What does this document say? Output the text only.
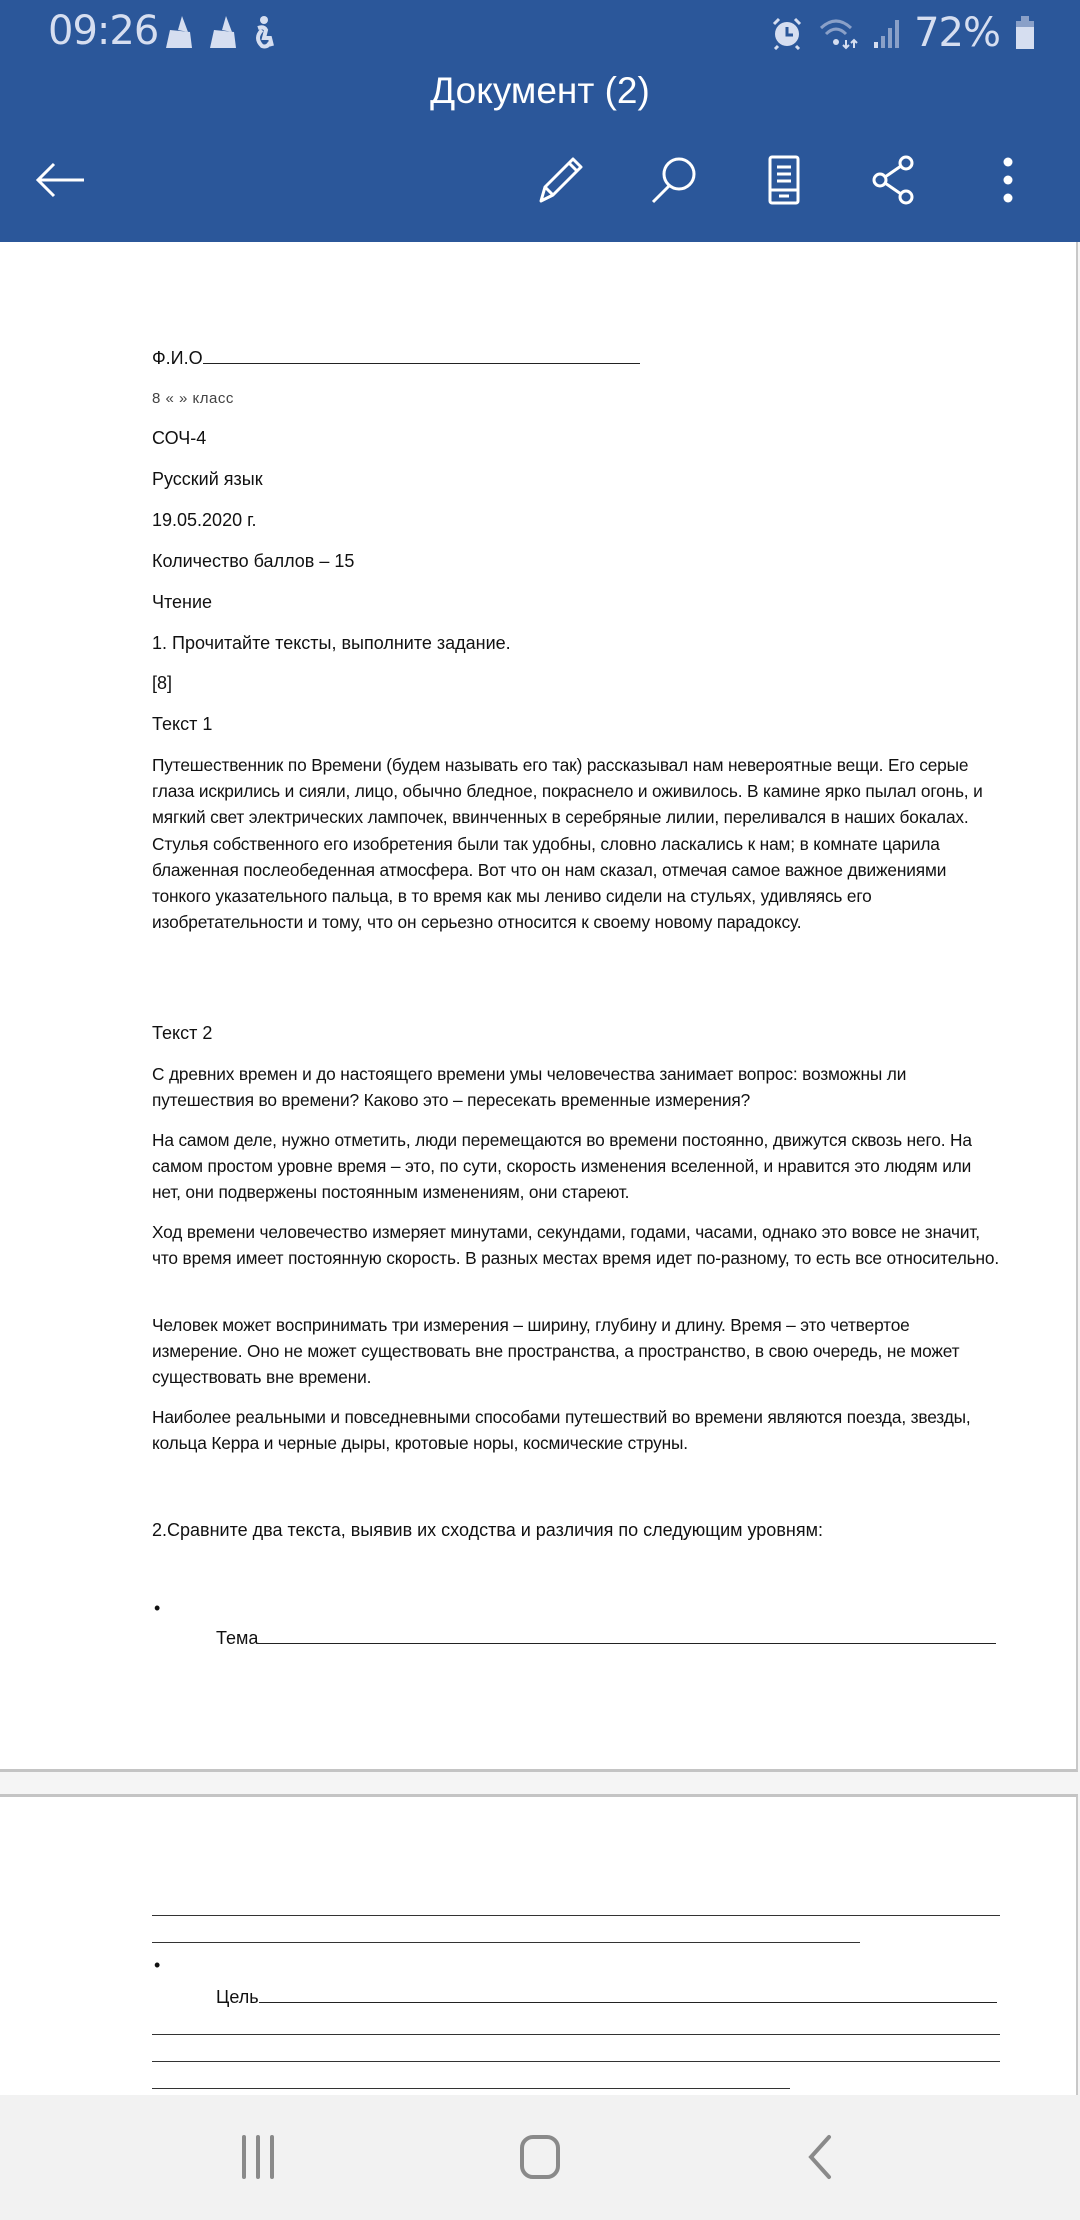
09:26	72%
Документ (2)
Ф.И.О
8 « » класс
СОЧ-4
Русский язык
19.05.2020 г.
Количество баллов – 15
Чтение
1. Прочитайте тексты, выполните задание.
[8]
Текст 1
Путешественник по Времени (будем называть его так) рассказывал нам невероятные вещи. Его серые глаза искрились и сияли, лицо, обычно бледное, покраснело и оживилось. В камине ярко пылал огонь, и мягкий свет электрических лампочек, ввинченных в серебряные лилии, переливался в наших бокалах. Стулья собственного его изобретения были так удобны, словно ласкались к нам; в комнате царила блаженная послеобеденная атмосфера. Вот что он нам сказал, отмечая самое важное движениями тонкого указательного пальца, в то время как мы лениво сидели на стульях, удивляясь его изобретательности и тому, что он серьезно относится к своему новому парадоксу.
Текст 2
С древних времен и до настоящего времени умы человечества занимает вопрос: возможны ли путешествия во времени? Каково это – пересекать временные измерения?
На самом деле, нужно отметить, люди перемещаются во времени постоянно, движутся сквозь него. На самом простом уровне время – это, по сути, скорость изменения вселенной, и нравится это людям или нет, они подвержены постоянным изменениям, они стареют.
Ход времени человечество измеряет минутами, секундами, годами, часами, однако это вовсе не значит, что время имеет постоянную скорость. В разных местах время идет по-разному, то есть все относительно.
Человек может воспринимать три измерения – ширину, глубину и длину. Время – это четвертое измерение. Оно не может существовать вне пространства, а пространство, в свою очередь, не может существовать вне времени.
Наиболее реальными и повседневными способами путешествий во времени являются поезда, звезды, кольца Керра и черные дыры, кротовые норы, космические струны.
2.Сравните два текста, выявив их сходства и различия по следующим уровням:
•
Тема
•
Цель
